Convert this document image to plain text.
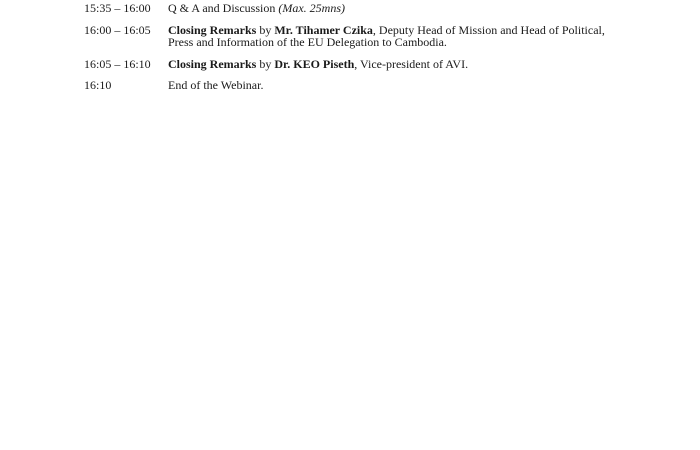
15:35 – 16:00	Q & A and Discussion (Max. 25mns)
16:00 – 16:05	Closing Remarks by Mr. Tihamer Czika, Deputy Head of Mission and Head of Political, Press and Information of the EU Delegation to Cambodia.
16:05 – 16:10	Closing Remarks by Dr. KEO Piseth, Vice-president of AVI.
16:10	End of the Webinar.
